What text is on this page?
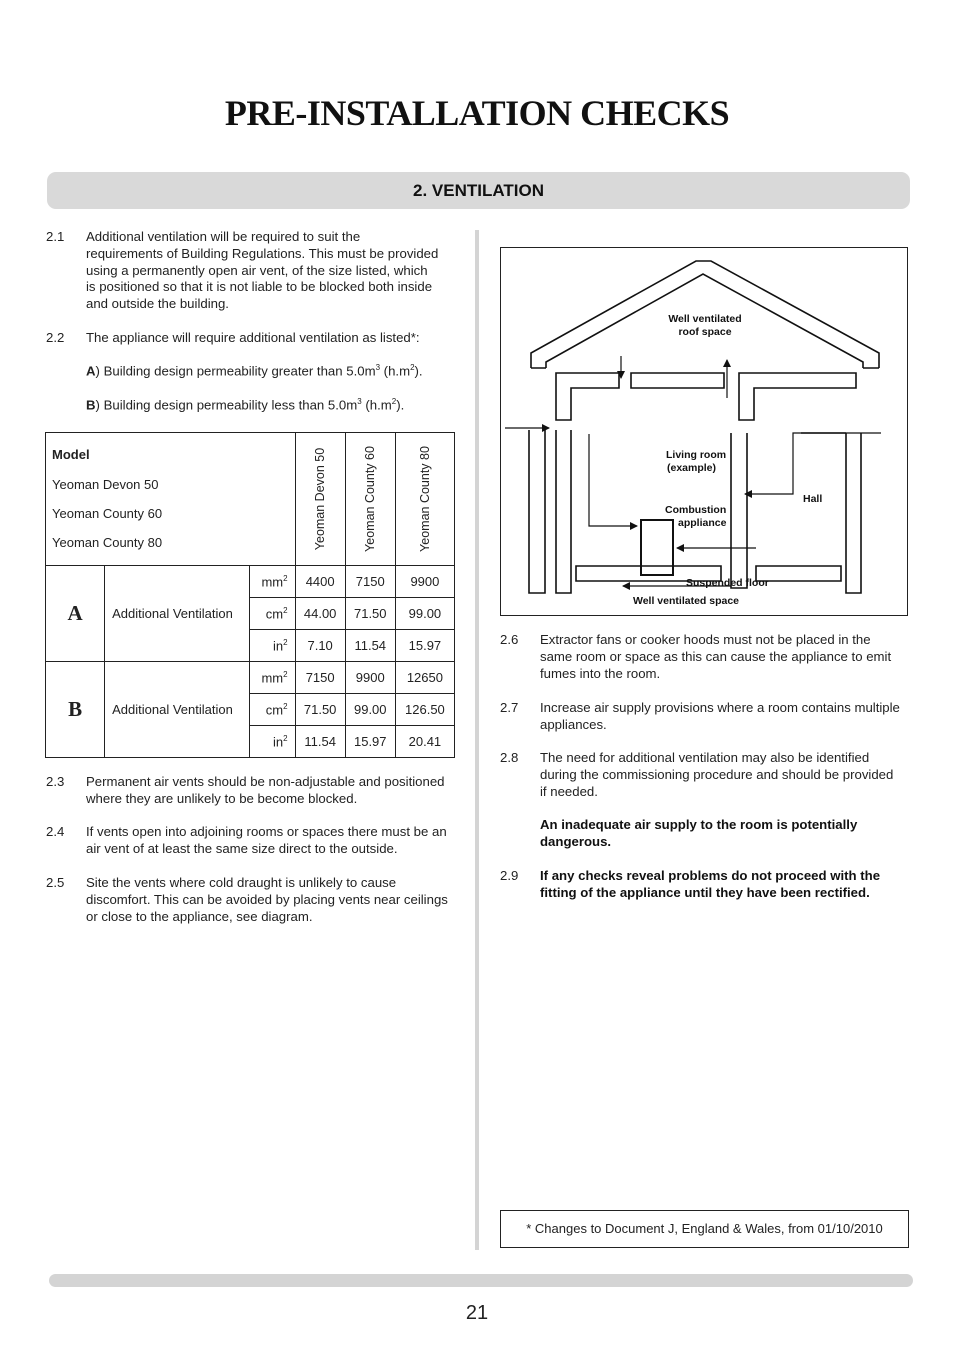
PRE-INSTALLATION CHECKS
2. VENTILATION
2.1 Additional ventilation will be required to suit the
requirements of Building Regulations. This must be provided
using a permanently open air vent, of the size listed, which
is positioned so that it is not liable to be blocked both inside
and outside the building.
2.2 The appliance will require additional ventilation as listed*:
A) Building design permeability greater than $5.0m^3$ $(h.m^2)$.
B) Building design permeability less than $5.0m^3$ $(h.m^2)$.
Model
Yeoman Devon 50
Yeoman County 60
Yeoman County 80			Yeoman Devon 50	Yeoman County 60	Yeoman County 80

A	Additional Ventilation	$mm^2$	4400	7150	9900
		$cm^2$	44.00	71.50	99.00
		$in^2$	7.10	11.54	15.97
B	Additional Ventilation	$mm^2$	7150	9900	12650
		$cm^2$	71.50	99.00	126.50
		$in^2$	11.54	15.97	20.41
2.3 Permanent air vents should be non-adjustable and positioned
where they are unlikely to be become blocked.
2.4 If vents open into adjoining rooms or spaces there must be an
air vent of at least the same size direct to the outside.
2.5 Site the vents where cold draught is unlikely to cause
discomfort. This can be avoided by placing vents near ceilings
or close to the appliance, see diagram.
Well ventilated
roof space
Living room
(example)
Combustion
appliance
Hall
Suspended floor
Well ventilated space
2.6 Extractor fans or cooker hoods must not be placed in the
same room or space as this can cause the appliance to emit
fumes into the room.
2.7 Increase air supply provisions where a room contains multiple
appliances.
2.8 The need for additional ventilation may also be identified
during the commissioning procedure and should be provided
if needed.
An inadequate air supply to the room is potentially
dangerous.
2.9 If any checks reveal problems do not proceed with the
fitting of the appliance until they have been rectified.
* Changes to Document J, England & Wales, from 01/10/2010
21
